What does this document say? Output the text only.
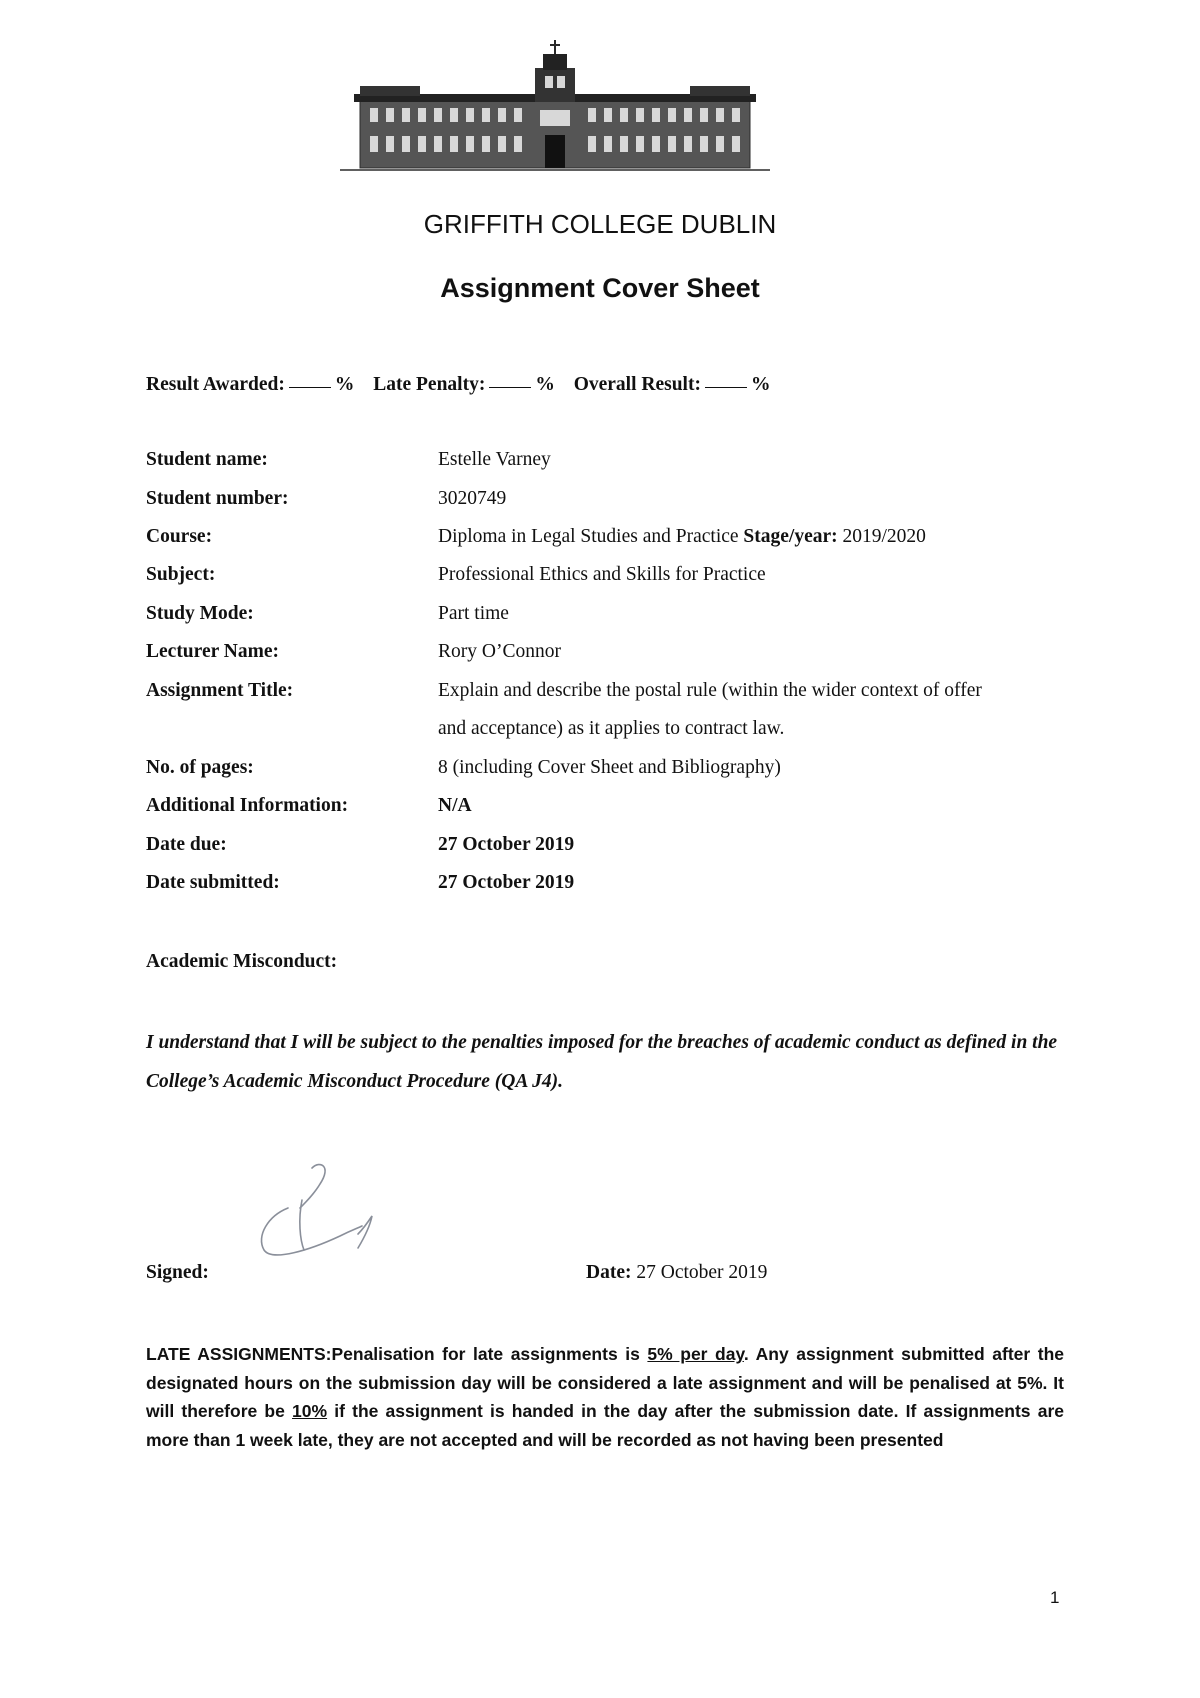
GRIFFITH COLLEGE DUBLIN
Assignment Cover Sheet
Result Awarded:	% Late Penalty:	% Overall Result:	%
Student name:	Estelle Varney
Student number:	3020749
Course:	Diploma in Legal Studies and Practice Stage/year: 2019/2020
Subject:	Professional Ethics and Skills for Practice
Study Mode:	Part time
Lecturer Name:	Rory O’Connor
Assignment Title:	Explain and describe the postal rule (within the wider context of offer
and acceptance) as it applies to contract law.
No. of pages:	8 (including Cover Sheet and Bibliography)
Additional Information:	N/A
Date due:	27 October 2019
Date submitted:	27 October 2019
Academic Misconduct:
I understand that I will be subject to the penalties imposed for the breaches of academic conduct as defined in the College’s Academic Misconduct Procedure (QA J4).
Signed:	Date: 27 October 2019
LATE ASSIGNMENTS:Penalisation for late assignments is 5% per day. Any assignment submitted after the designated hours on the submission day will be considered a late assignment and will be penalised at 5%. It will therefore be 10% if the assignment is handed in the day after the submission date. If assignments are more than 1 week late, they are not accepted and will be recorded as not having been presented
1
